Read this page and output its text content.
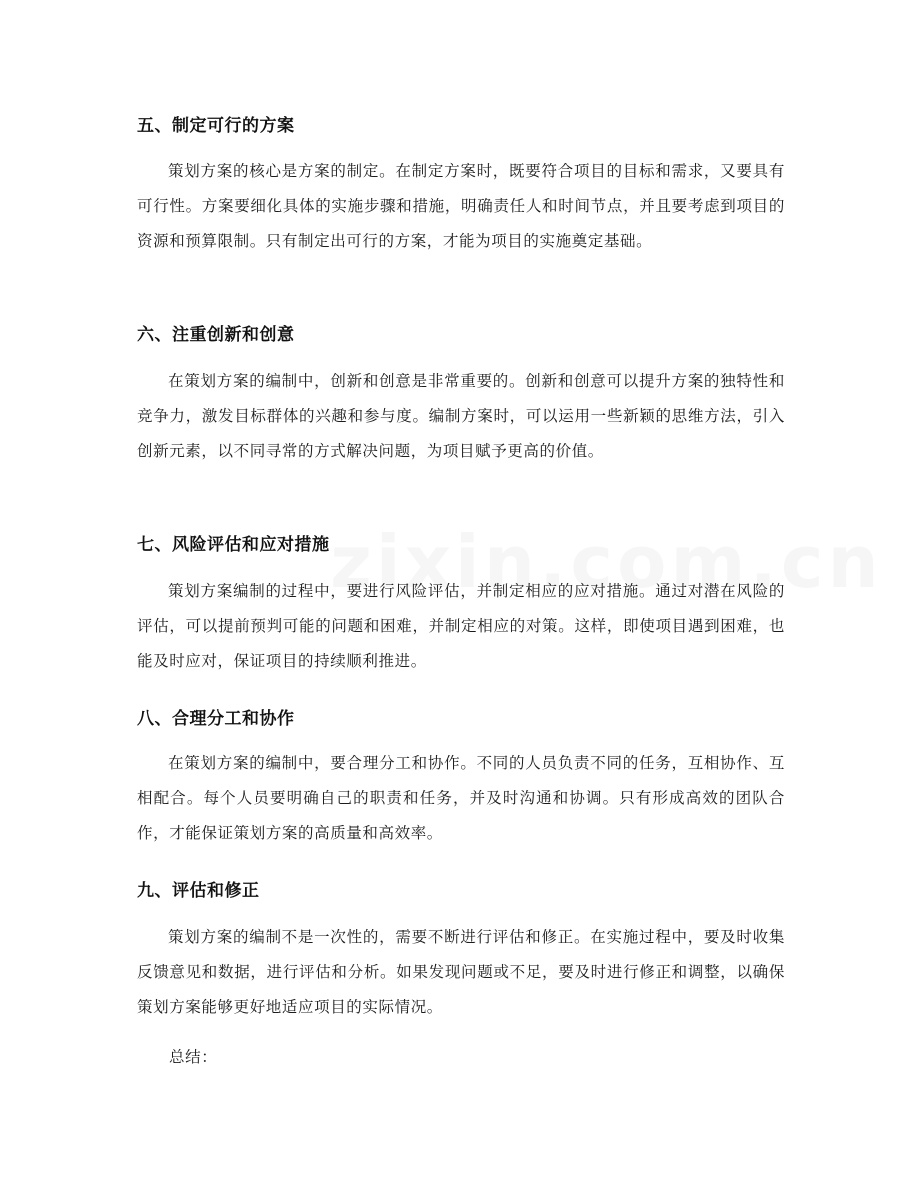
五、制定可行的方案
策划方案的核心是方案的制定。在制定方案时，既要符合项目的目标和需求，又要具有可行性。方案要细化具体的实施步骤和措施，明确责任人和时间节点，并且要考虑到项目的资源和预算限制。只有制定出可行的方案，才能为项目的实施奠定基础。
六、注重创新和创意
在策划方案的编制中，创新和创意是非常重要的。创新和创意可以提升方案的独特性和竞争力，激发目标群体的兴趣和参与度。编制方案时，可以运用一些新颖的思维方法，引入创新元素，以不同寻常的方式解决问题，为项目赋予更高的价值。
七、风险评估和应对措施
策划方案编制的过程中，要进行风险评估，并制定相应的应对措施。通过对潜在风险的评估，可以提前预判可能的问题和困难，并制定相应的对策。这样，即使项目遇到困难，也能及时应对，保证项目的持续顺利推进。
八、合理分工和协作
在策划方案的编制中，要合理分工和协作。不同的人员负责不同的任务，互相协作、互相配合。每个人员要明确自己的职责和任务，并及时沟通和协调。只有形成高效的团队合作，才能保证策划方案的高质量和高效率。
九、评估和修正
策划方案的编制不是一次性的，需要不断进行评估和修正。在实施过程中，要及时收集反馈意见和数据，进行评估和分析。如果发现问题或不足，要及时进行修正和调整，以确保策划方案能够更好地适应项目的实际情况。
总结：
